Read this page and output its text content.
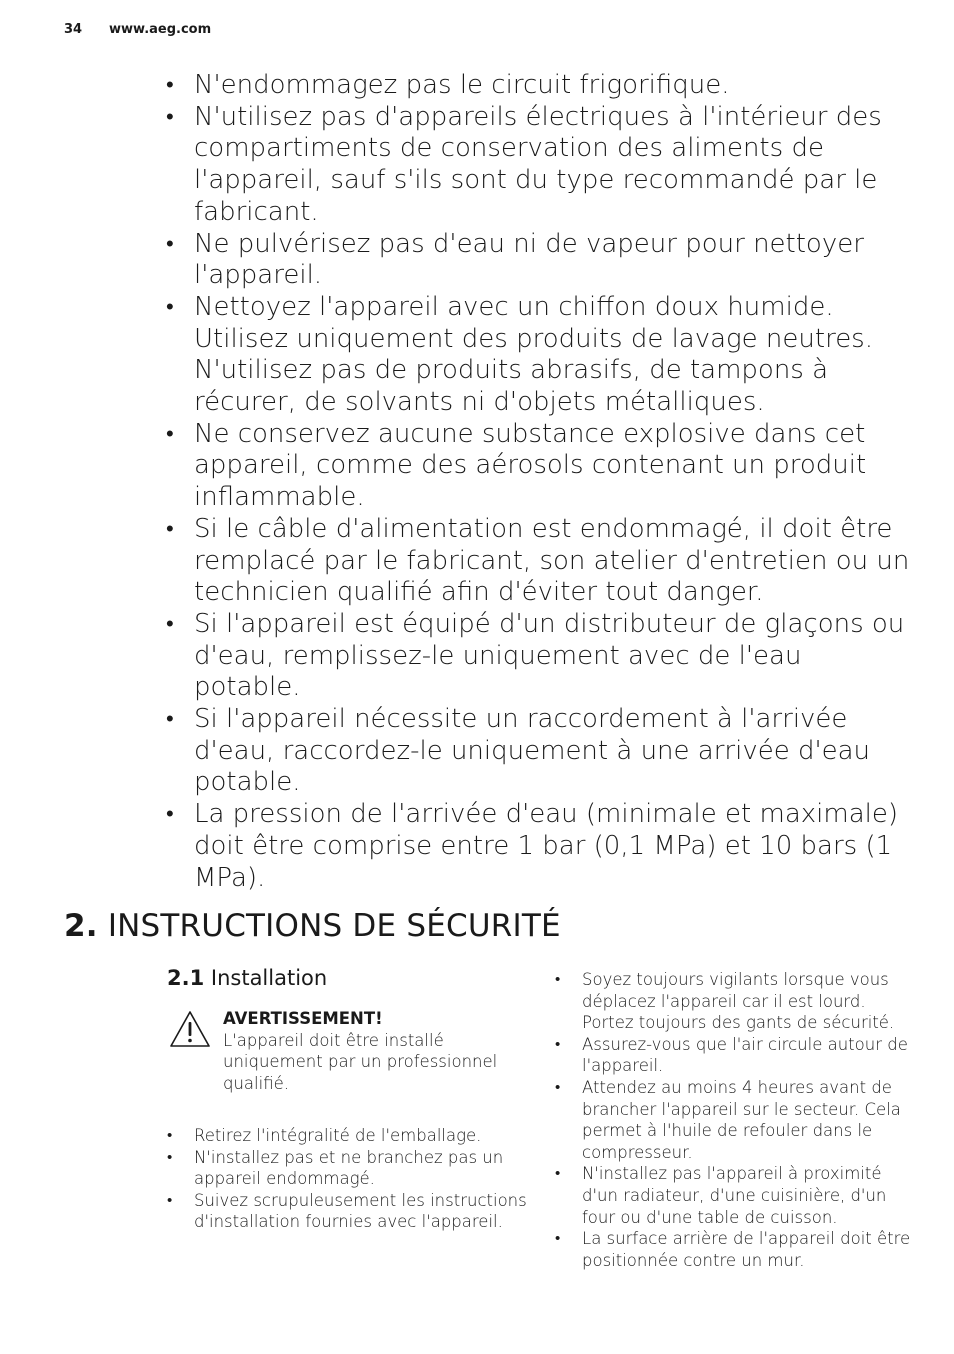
34 www.aeg.com
• N'endommagez pas le circuit frigorifique.
• N'utilisez pas d'appareils électriques à l'intérieur des compartiments de conservation des aliments de l'appareil, sauf s'ils sont du type recommandé par le fabricant.
• Ne pulvérisez pas d'eau ni de vapeur pour nettoyer l'appareil.
• Nettoyez l'appareil avec un chiffon doux humide. Utilisez uniquement des produits de lavage neutres. N'utilisez pas de produits abrasifs, de tampons à récurer, de solvants ni d'objets métalliques.
• Ne conservez aucune substance explosive dans cet appareil, comme des aérosols contenant un produit inflammable.
• Si le câble d'alimentation est endommagé, il doit être remplacé par le fabricant, son atelier d'entretien ou un technicien qualifié afin d'éviter tout danger.
• Si l'appareil est équipé d'un distributeur de glaçons ou d'eau, remplissez-le uniquement avec de l'eau potable.
• Si l'appareil nécessite un raccordement à l'arrivée d'eau, raccordez-le uniquement à une arrivée d'eau potable.
• La pression de l'arrivée d'eau (minimale et maximale) doit être comprise entre 1 bar (0,1 MPa) et 10 bars (1 MPa).
2. INSTRUCTIONS DE SÉCURITÉ
2.1 Installation
AVERTISSEMENT!
L'appareil doit être installé uniquement par un professionnel qualifié.
• Retirez l'intégralité de l'emballage.
• N'installez pas et ne branchez pas un appareil endommagé.
• Suivez scrupuleusement les instructions d'installation fournies avec l'appareil.
• Soyez toujours vigilants lorsque vous déplacez l'appareil car il est lourd. Portez toujours des gants de sécurité.
• Assurez-vous que l'air circule autour de l'appareil.
• Attendez au moins 4 heures avant de brancher l'appareil sur le secteur. Cela permet à l'huile de refouler dans le compresseur.
• N'installez pas l'appareil à proximité d'un radiateur, d'une cuisinière, d'un four ou d'une table de cuisson.
• La surface arrière de l'appareil doit être positionnée contre un mur.
